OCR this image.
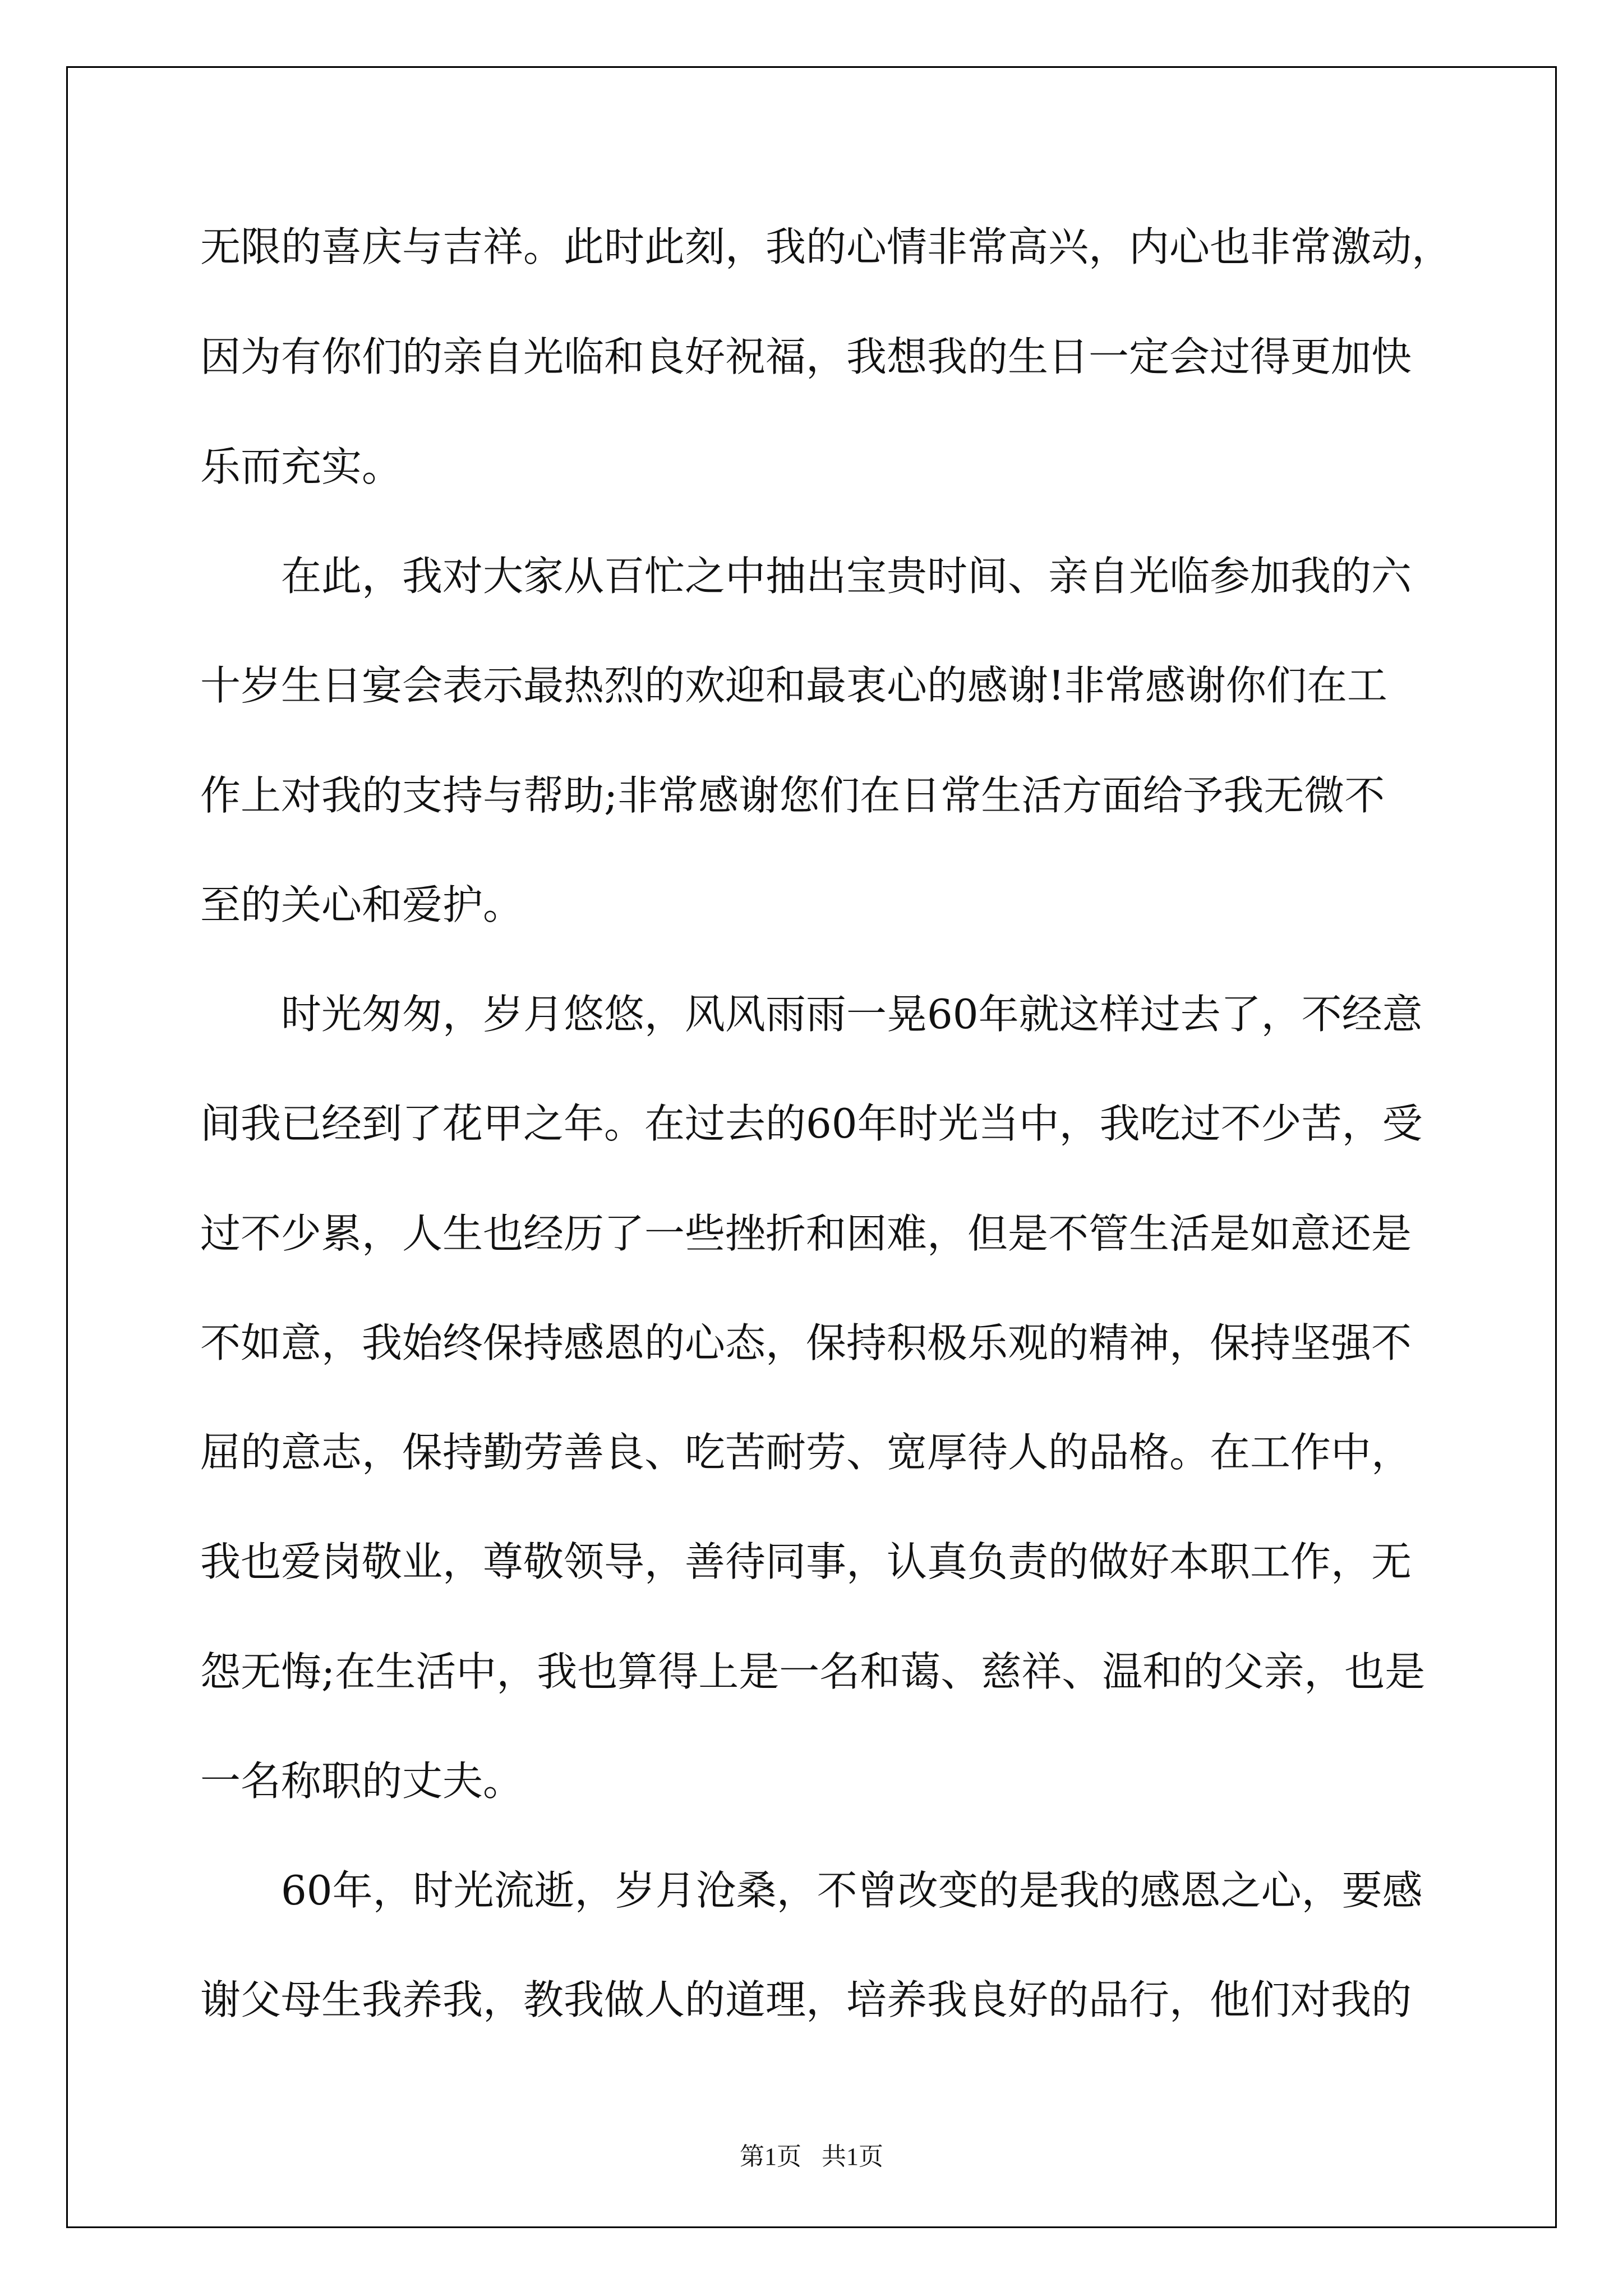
无限的喜庆与吉祥。此时此刻，我的心情非常高兴，内心也非常激动，
因为有你们的亲自光临和良好祝福，我想我的生日一定会过得更加快
乐而充实。
在此，我对大家从百忙之中抽出宝贵时间、亲自光临参加我的六
十岁生日宴会表示最热烈的欢迎和最衷心的感谢!非常感谢你们在工
作上对我的支持与帮助;非常感谢您们在日常生活方面给予我无微不
至的关心和爱护。
时光匆匆，岁月悠悠，风风雨雨一晃60年就这样过去了，不经意
间我已经到了花甲之年。在过去的60年时光当中，我吃过不少苦，受
过不少累，人生也经历了一些挫折和困难，但是不管生活是如意还是
不如意，我始终保持感恩的心态，保持积极乐观的精神，保持坚强不
屈的意志，保持勤劳善良、吃苦耐劳、宽厚待人的品格。在工作中，
我也爱岗敬业，尊敬领导，善待同事，认真负责的做好本职工作，无
怨无悔;在生活中，我也算得上是一名和蔼、慈祥、温和的父亲，也是
一名称职的丈夫。
60年，时光流逝，岁月沧桑，不曾改变的是我的感恩之心，要感
谢父母生我养我，教我做人的道理，培养我良好的品行，他们对我的
第1页 共1页
